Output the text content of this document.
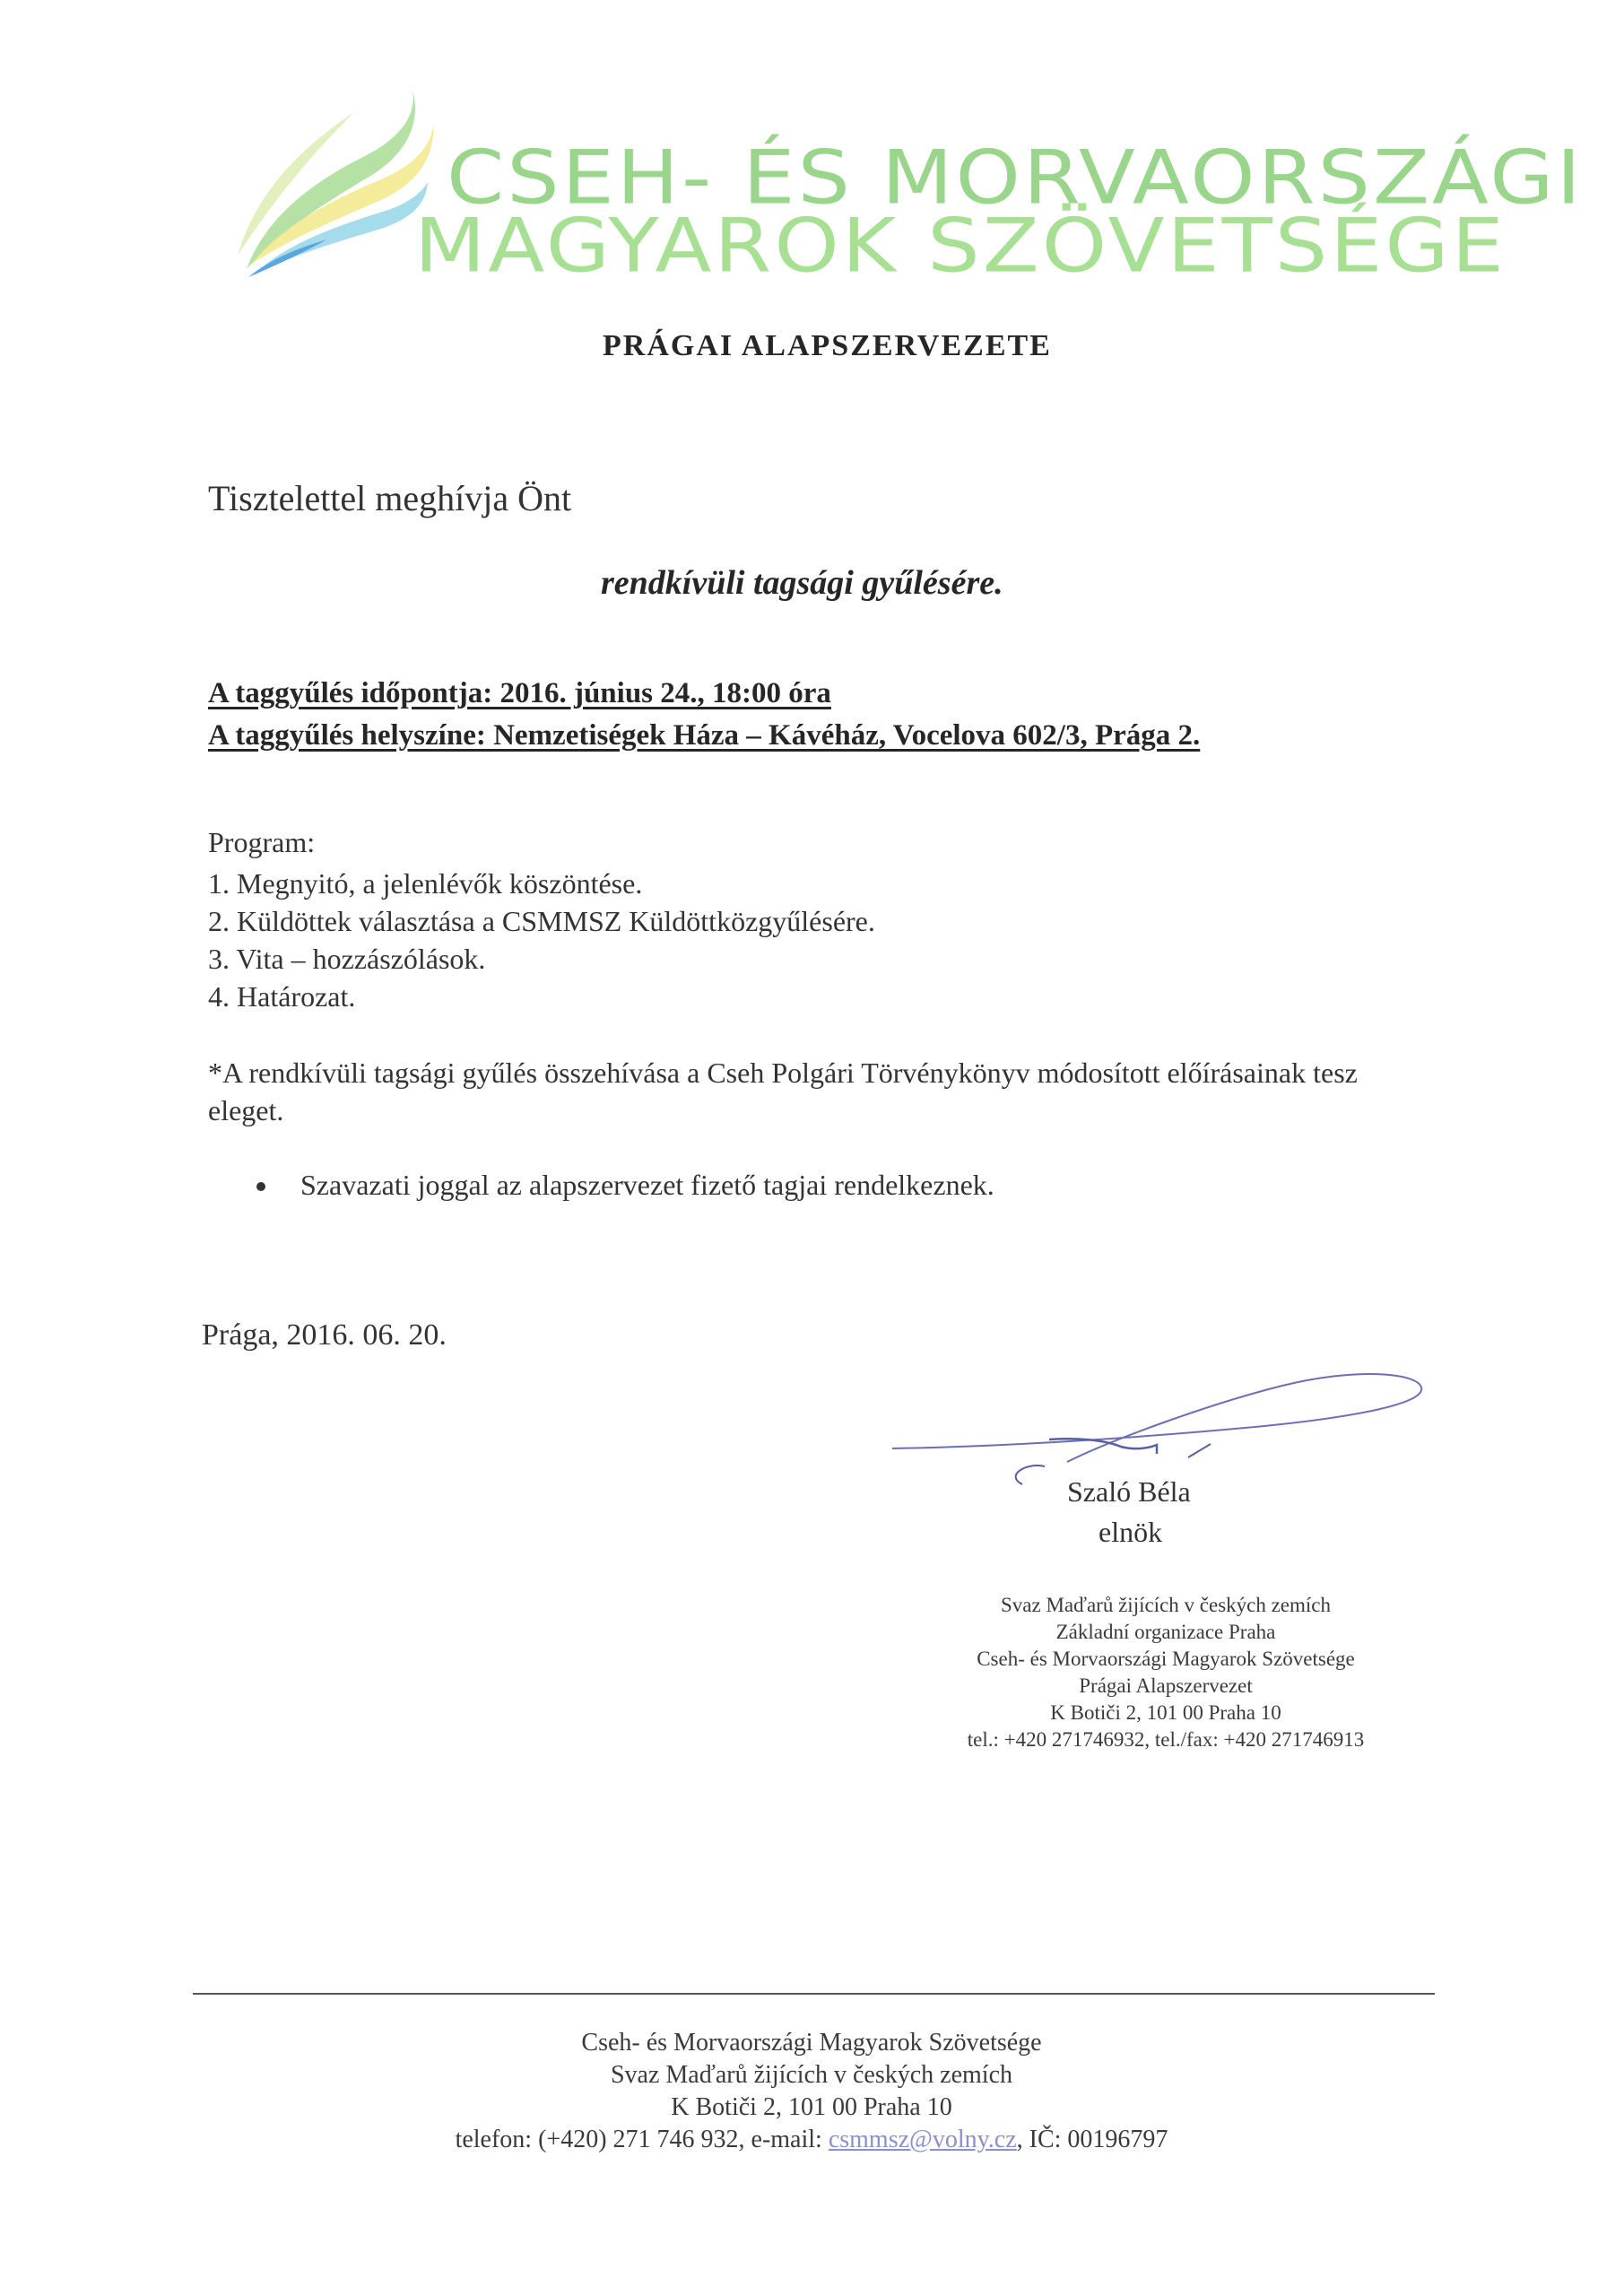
CSEH- ÉS MORVAORSZÁGI
MAGYAROK SZÖVETSÉGE
PRÁGAI ALAPSZERVEZETE
Tisztelettel meghívja Önt
rendkívüli tagsági gyűlésére.
A taggyűlés időpontja: 2016. június 24., 18:00 óra
A taggyűlés helyszíne: Nemzetiségek Háza – Kávéház, Vocelova 602/3, Prága 2.
Program:
1. Megnyitó, a jelenlévők köszöntése.
2. Küldöttek választása a CSMMSZ Küldöttközgyűlésére.
3. Vita – hozzászólások.
4. Határozat.
*A rendkívüli tagsági gyűlés összehívása a Cseh Polgári Törvénykönyv módosított előírásainak tesz eleget.
Szavazati joggal az alapszervezet fizető tagjai rendelkeznek.
Prága, 2016. 06. 20.
Szaló Béla
elnök
Svaz Maďarů žijících v českých zemích
Základní organizace Praha
Cseh- és Morvaországi Magyarok Szövetsége
Prágai Alapszervezet
K Botiči 2, 101 00 Praha 10
tel.: +420 271746932, tel./fax: +420 271746913
Cseh- és Morvaországi Magyarok Szövetsége
Svaz Maďarů žijících v českých zemích
K Botiči 2, 101 00 Praha 10
telefon: (+420) 271 746 932, e-mail: csmmsz@volny.cz, IČ: 00196797
